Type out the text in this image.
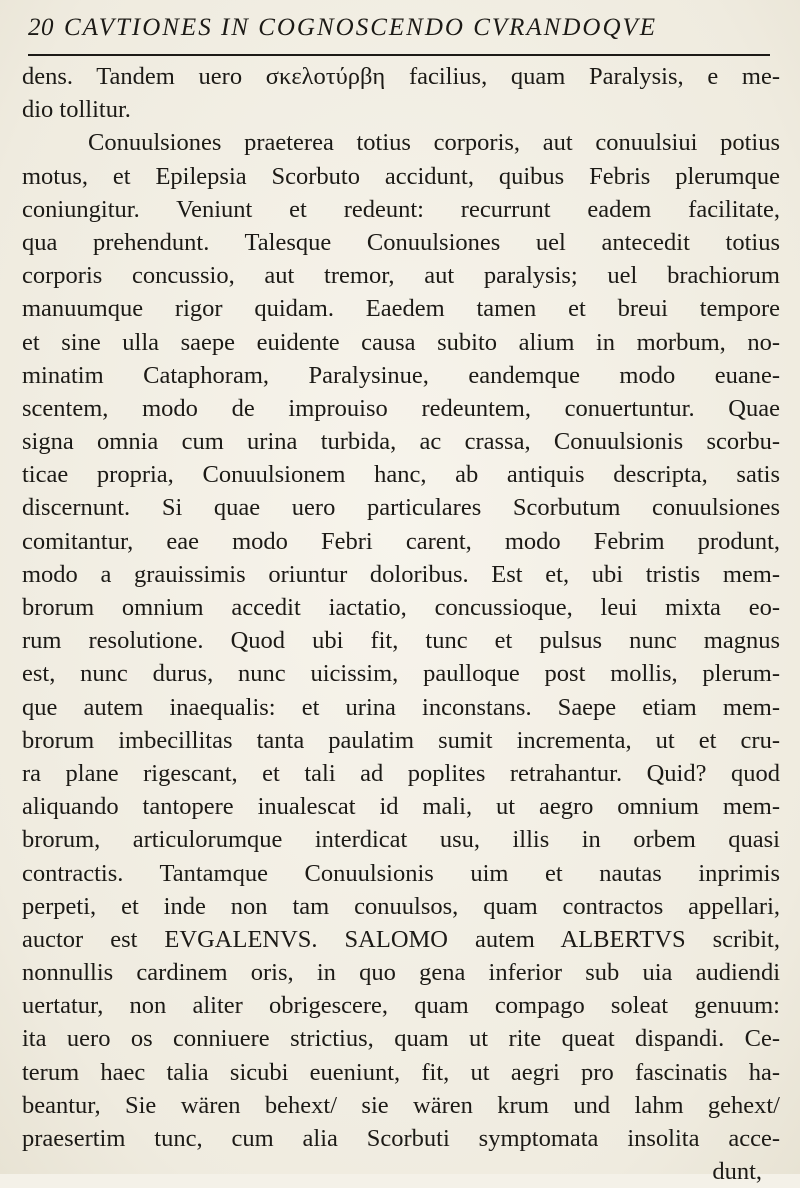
20 CAVTIONES IN COGNOSCENDO CVRANDOQVE
dens. Tandem uero σκελοτύρβη facilius, quam Paralysis, e me-
dio tollitur.
Conuulsiones praeterea totius corporis, aut conuulsiui potius
motus, et Epilepsia Scorbuto accidunt, quibus Febris plerumque
coniungitur. Veniunt et redeunt: recurrunt eadem facilitate,
qua prehendunt. Talesque Conuulsiones uel antecedit totius
corporis concussio, aut tremor, aut paralysis; uel brachiorum
manuumque rigor quidam. Eaedem tamen et breui tempore
et sine ulla saepe euidente causa subito alium in morbum, no-
minatim Cataphoram, Paralysinue, eandemque modo euane-
scentem, modo de improuiso redeuntem, conuertuntur. Quae
signa omnia cum urina turbida, ac crassa, Conuulsionis scorbu-
ticae propria, Conuulsionem hanc, ab antiquis descripta, satis
discernunt. Si quae uero particulares Scorbutum conuulsiones
comitantur, eae modo Febri carent, modo Febrim produnt,
modo a grauissimis oriuntur doloribus. Est et, ubi tristis mem-
brorum omnium accedit iactatio, concussioque, leui mixta eo-
rum resolutione. Quod ubi fit, tunc et pulsus nunc magnus
est, nunc durus, nunc uicissim, paulloque post mollis, plerum-
que autem inaequalis: et urina inconstans. Saepe etiam mem-
brorum imbecillitas tanta paulatim sumit incrementa, ut et cru-
ra plane rigescant, et tali ad poplites retrahantur. Quid? quod
aliquando tantopere inualescat id mali, ut aegro omnium mem-
brorum, articulorumque interdicat usu, illis in orbem quasi
contractis. Tantamque Conuulsionis uim et nautas inprimis
perpeti, et inde non tam conuulsos, quam contractos appellari,
auctor est EVGALENVS. SALOMO autem ALBERTVS scribit,
nonnullis cardinem oris, in quo gena inferior sub uia audiendi
uertatur, non aliter obrigescere, quam compago soleat genuum:
ita uero os conniuere strictius, quam ut rite queat dispandi. Ce-
terum haec talia sicubi eueniunt, fit, ut aegri pro fascinatis ha-
beantur, Sie wären behext/ sie wären krum und lahm gehext/
praesertim tunc, cum alia Scorbuti symptomata insolita acce-
dunt,
